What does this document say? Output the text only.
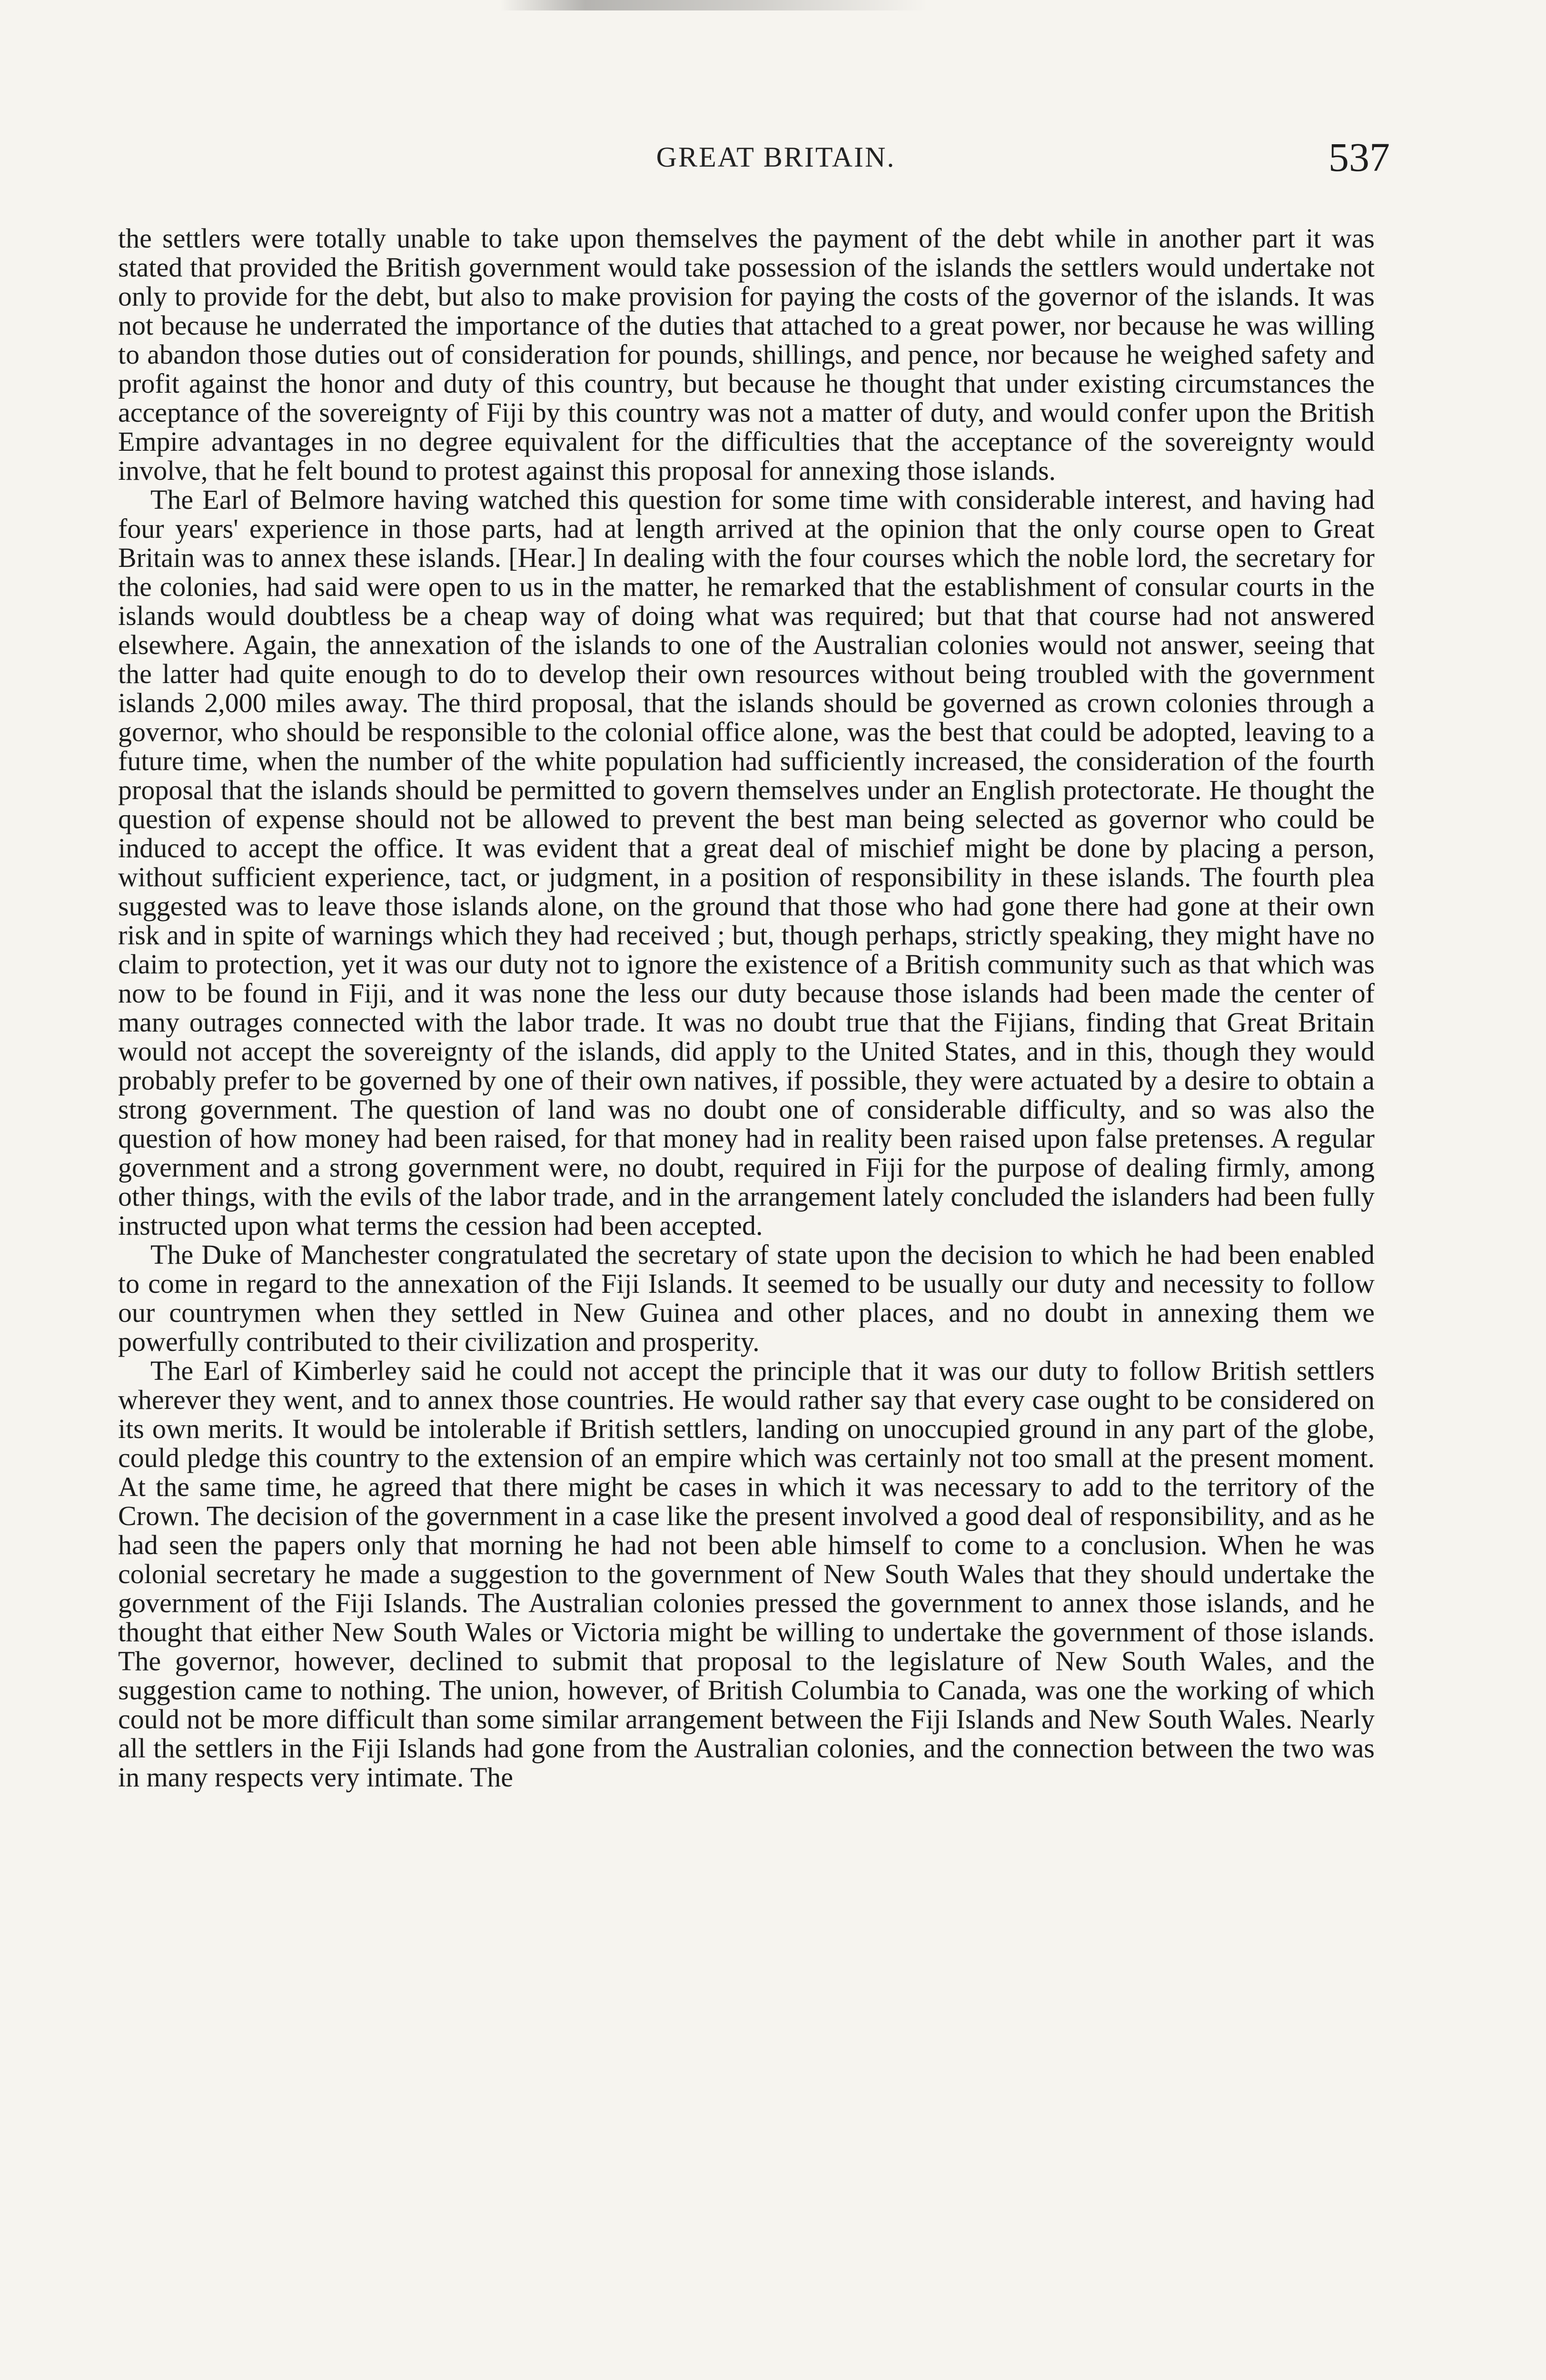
GREAT BRITAIN.	537

the settlers were totally unable to take upon themselves the payment of the debt while in another part it was stated that provided the British government would take possession of the islands the settlers would undertake not only to provide for the debt, but also to make provision for paying the costs of the governor of the islands. It was not because he underrated the importance of the duties that attached to a great power, nor because he was willing to abandon those duties out of consideration for pounds, shillings, and pence, nor because he weighed safety and profit against the honor and duty of this country, but because he thought that under existing circumstances the acceptance of the sovereignty of Fiji by this country was not a matter of duty, and would confer upon the British Empire advantages in no degree equivalent for the difficulties that the acceptance of the sovereignty would involve, that he felt bound to protest against this proposal for annexing those islands.

The Earl of Belmore having watched this question for some time with considerable interest, and having had four years' experience in those parts, had at length arrived at the opinion that the only course open to Great Britain was to annex these islands. [Hear.] In dealing with the four courses which the noble lord, the secretary for the colonies, had said were open to us in the matter, he remarked that the establishment of consular courts in the islands would doubtless be a cheap way of doing what was required; but that that course had not answered elsewhere. Again, the annexation of the islands to one of the Australian colonies would not answer, seeing that the latter had quite enough to do to develop their own resources without being troubled with the government islands 2,000 miles away. The third proposal, that the islands should be governed as crown colonies through a governor, who should be responsible to the colonial office alone, was the best that could be adopted, leaving to a future time, when the number of the white population had sufficiently increased, the consideration of the fourth proposal that the islands should be permitted to govern themselves under an English protectorate. He thought the question of expense should not be allowed to prevent the best man being selected as governor who could be induced to accept the office. It was evident that a great deal of mischief might be done by placing a person, without sufficient experience, tact, or judgment, in a position of responsibility in these islands. The fourth plea suggested was to leave those islands alone, on the ground that those who had gone there had gone at their own risk and in spite of warnings which they had received ; but, though perhaps, strictly speaking, they might have no claim to protection, yet it was our duty not to ignore the existence of a British community such as that which was now to be found in Fiji, and it was none the less our duty because those islands had been made the center of many outrages connected with the labor trade. It was no doubt true that the Fijians, finding that Great Britain would not accept the sovereignty of the islands, did apply to the United States, and in this, though they would probably prefer to be governed by one of their own natives, if possible, they were actuated by a desire to obtain a strong government. The question of land was no doubt one of considerable difficulty, and so was also the question of how money had been raised, for that money had in reality been raised upon false pretenses. A regular government and a strong government were, no doubt, required in Fiji for the purpose of dealing firmly, among other things, with the evils of the labor trade, and in the arrangement lately concluded the islanders had been fully instructed upon what terms the cession had been accepted.

The Duke of Manchester congratulated the secretary of state upon the decision to which he had been enabled to come in regard to the annexation of the Fiji Islands. It seemed to be usually our duty and necessity to follow our countrymen when they settled in New Guinea and other places, and no doubt in annexing them we powerfully contributed to their civilization and prosperity.

The Earl of Kimberley said he could not accept the principle that it was our duty to follow British settlers wherever they went, and to annex those countries. He would rather say that every case ought to be considered on its own merits. It would be intolerable if British settlers, landing on unoccupied ground in any part of the globe, could pledge this country to the extension of an empire which was certainly not too small at the present moment. At the same time, he agreed that there might be cases in which it was necessary to add to the territory of the Crown. The decision of the government in a case like the present involved a good deal of responsibility, and as he had seen the papers only that morning he had not been able himself to come to a conclusion. When he was colonial secretary he made a suggestion to the government of New South Wales that they should undertake the government of the Fiji Islands. The Australian colonies pressed the government to annex those islands, and he thought that either New South Wales or Victoria might be willing to undertake the government of those islands. The governor, however, declined to submit that proposal to the legislature of New South Wales, and the suggestion came to nothing. The union, however, of British Columbia to Canada, was one the working of which could not be more difficult than some similar arrangement between the Fiji Islands and New South Wales. Nearly all the settlers in the Fiji Islands had gone from the Australian colonies, and the connection between the two was in many respects very intimate. The
